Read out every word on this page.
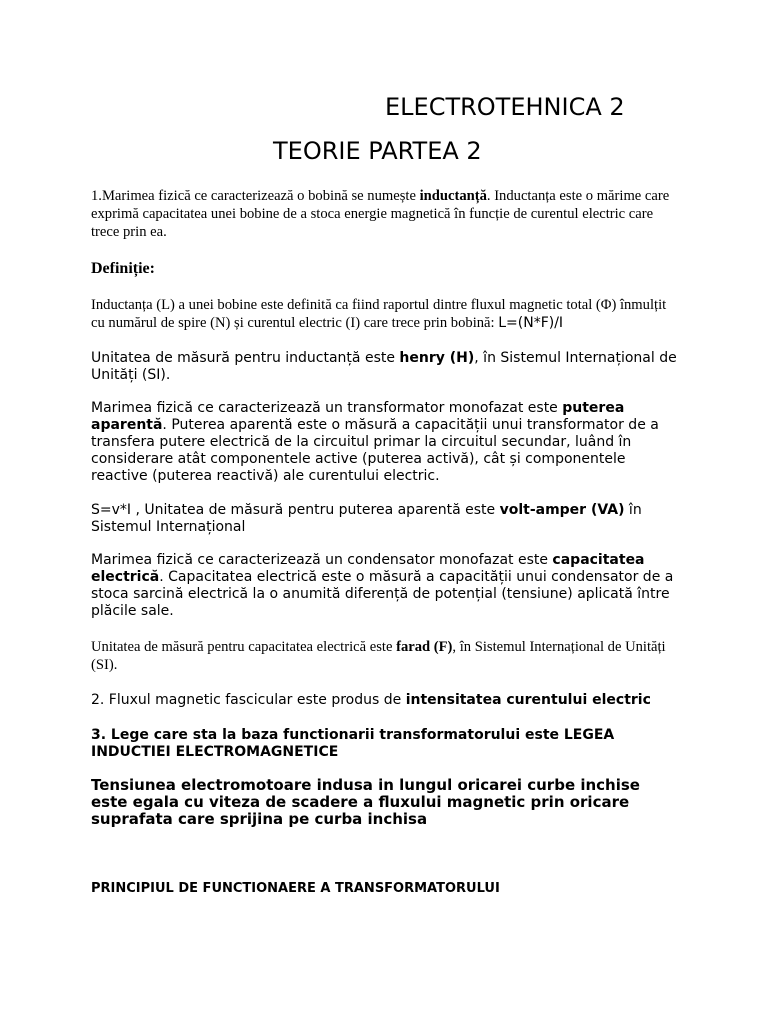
ELECTROTEHNICA 2
TEORIE PARTEA 2

1.Marimea fizică ce caracterizează o bobină se numește inductanță. Inductanța este o mărime care exprimă capacitatea unei bobine de a stoca energie magnetică în funcție de curentul electric care trece prin ea.

Definiție:

Inductanța (L) a unei bobine este definită ca fiind raportul dintre fluxul magnetic total (Φ) înmulțit cu numărul de spire (N) și curentul electric (I) care trece prin bobină: L=(N*F)/I

Unitatea de măsură pentru inductanță este henry (H), în Sistemul Internațional de Unități (SI).

Marimea fizică ce caracterizează un transformator monofazat este puterea aparentă. Puterea aparentă este o măsură a capacității unui transformator de a transfera putere electrică de la circuitul primar la circuitul secundar, luând în considerare atât componentele active (puterea activă), cât și componentele reactive (puterea reactivă) ale curentului electric.

S=v*I , Unitatea de măsură pentru puterea aparentă este volt-amper (VA) în Sistemul Internațional

Marimea fizică ce caracterizează un condensator monofazat este capacitatea electrică. Capacitatea electrică este o măsură a capacității unui condensator de a stoca sarcină electrică la o anumită diferență de potențial (tensiune) aplicată între plăcile sale.

Unitatea de măsură pentru capacitatea electrică este farad (F), în Sistemul Internațional de Unități (SI).

2. Fluxul magnetic fascicular este produs de intensitatea curentului electric

3. Lege care sta la baza functionarii transformatorului este LEGEA INDUCTIEI ELECTROMAGNETICE

Tensiunea electromotoare indusa in lungul oricarei curbe inchise este egala cu viteza de scadere a fluxului magnetic prin oricare suprafata care sprijina pe curba inchisa

PRINCIPIUL DE FUNCTIONAERE A TRANSFORMATORULUI
